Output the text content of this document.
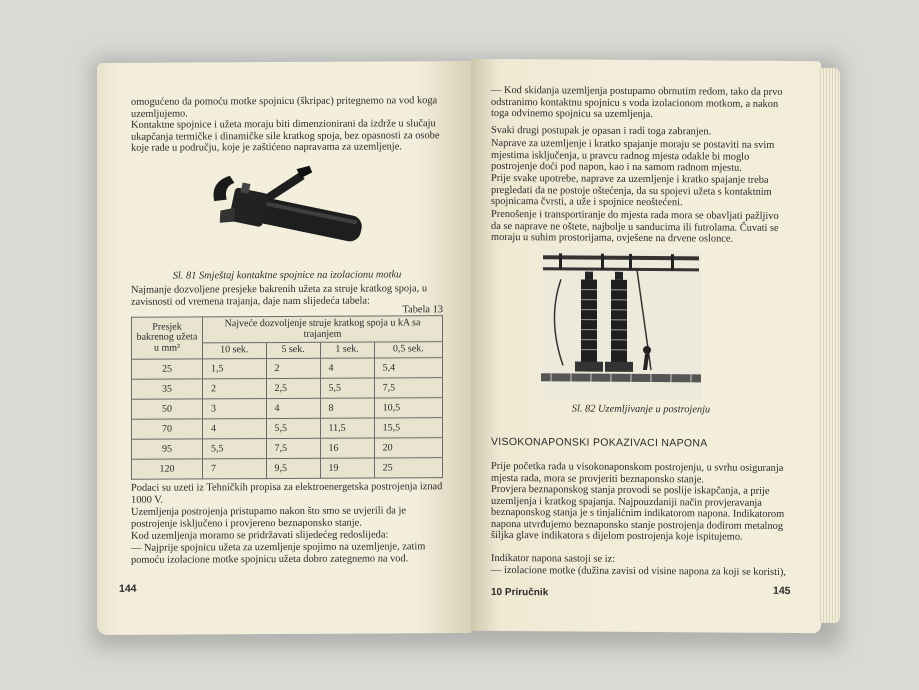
omogućeno da pomoću motke spojnicu (škripac) pritegnemo na vod koga uzemljujemo.
Kontaktne spojnice i užeta moraju biti dimenzionirani da izdrže u slučaju ukapčanja termičke i dinamičke sile kratkog spoja, bez opasnosti za osobe koje rade u području, koje je zaštićeno napravama za uzemljenje.
Sl. 81 Smještaj kontaktne spojnice na izolacionu motku
Najmanje dozvoljene presjeke bakrenih užeta za struje kratkog spoja, u zavisnosti od vremena trajanja, daje nam slijedeća tabela:
Tabela 13
Presjek bakrenog užeta u mm²	Najveće dozvoljenje struje kratkog spoja u kA sa trajanjem			
	10 sek.	5 sek.	1 sek.	0,5 sek.
25	1,5	2	4	5,4
35	2	2,5	5,5	7,5
50	3	4	8	10,5
70	4	5,5	11,5	15,5
95	5,5	7,5	16	20
120	7	9,5	19	25
Podaci su uzeti iz Tehničkih propisa za elektroenergetska postrojenja iznad 1000 V.
Uzemljenja postrojenja pristupamo nakon što smo se uvjerili da je postrojenje isključeno i provjereno beznaponsko stanje.
Kod uzemljenja moramo se pridržavati slijedećeg redoslijeda:
— Najprije spojnicu užeta za uzemljenje spojimo na uzemljenje, zatim pomoću izolacione motke spojnicu užeta dobro zategnemo na vod.
144
— Kod skidanja uzemljenja postupamo obrnutim redom, tako da prvo odstranimo kontaktnu spojnicu s voda izolacionom motkom, a nakon toga odvinemo spojnicu sa uzemljenja.
Svaki drugi postupak je opasan i radi toga zabranjen.
Naprave za uzemljenje i kratko spajanje moraju se postaviti na svim mjestima isključenja, u pravcu radnog mjesta odakle bi moglo postrojenje doći pod napon, kao i na samom radnom mjestu.
Prije svake upotrebe, naprave za uzemljenje i kratko spajanje treba pregledati da ne postoje oštećenja, da su spojevi užeta s kontaktnim spojnicama čvrsti, a uže i spojnice neoštećeni.
Prenošenje i transportiranje do mjesta rada mora se obavljati pažljivo da se naprave ne oštete, najbolje u sanducima ili futrolama. Čuvati se moraju u suhim prostorijama, ovješene na drvene oslonce.
Sl. 82 Uzemljivanje u postrojenju
VISOKONAPONSKI POKAZIVACI NAPONA
Prije početka rada u visokonaponskom postrojenju, u svrhu osiguranja mjesta rada, mora se provjeriti beznaponsko stanje.
Provjera beznaponskog stanja provodi se poslije iskapčanja, a prije uzemljenja i kratkog spajanja. Najpouzdaniji način provjeravanja beznaponskog stanja je s tinjalićnim indikatorom napona. Indikatorom napona utvrđujemo beznaponsko stanje postrojenja dodirom metalnog šiljka glave indikatora s dijelom postrojenja koje ispitujemo.
Indikator napona sastoji se iz:
— izolacione motke (dužina zavisi od visine napona za koji se koristi),
10 Priručnik	145
